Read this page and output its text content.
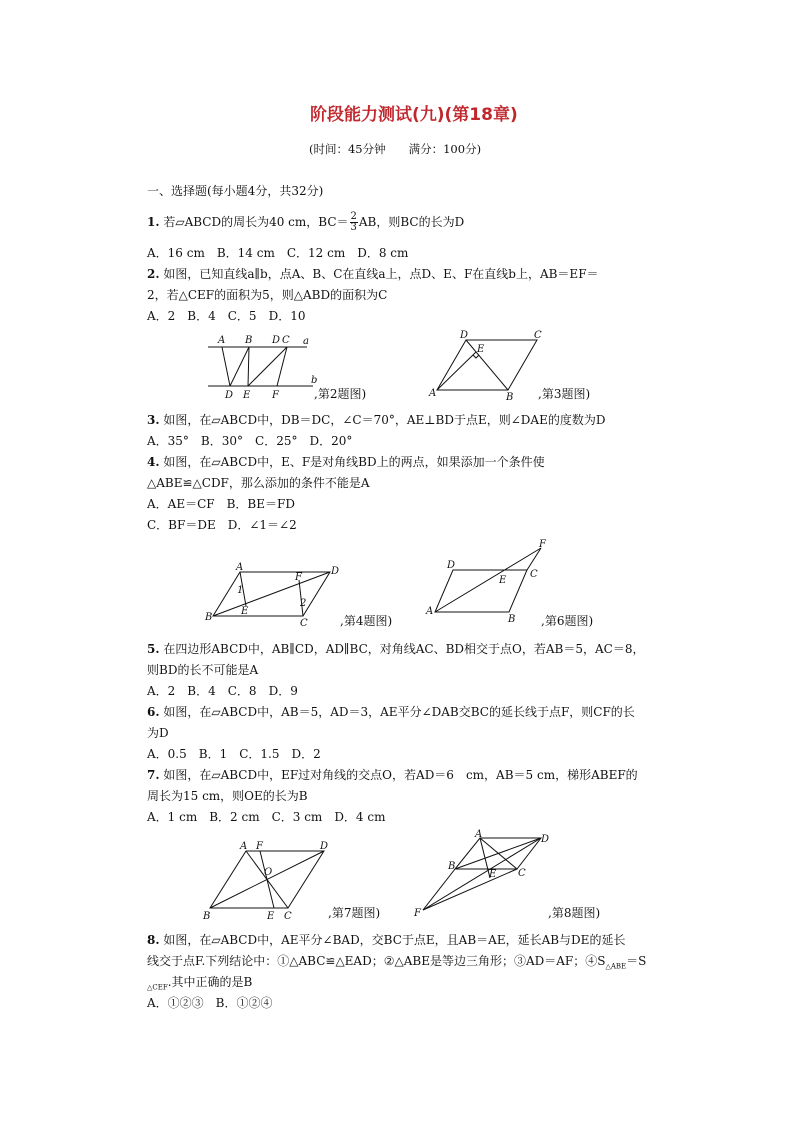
阶段能力测试(九)(第18章)
(时间：45分钟　　满分：100分)
一、选择题(每小题4分，共32分)
1. 若▱ABCD的周长为40 cm，$BC= \frac{2}{3}$ AB，则BC的长为D
A．16 cm　B．14 cm　C．12 cm　D．8 cm
2. 如图，已知直线a∥b，点A、B、C在直线a上，点D、E、F在直线b上，AB＝EF＝
2，若△CEF的面积为5，则△ABD的面积为C
A．2　B．4　C．5　D．10
A B D C a
b
D E F	,第2题图)
D	C
E
A	B ,第3题图)
3. 如图，在▱ABCD中，DB＝DC，∠C＝70°，AE⊥BD于点E，则∠DAE的度数为D
A．35°　B．30°　C．25°　D．20°
4. 如图，在▱ABCD中，E、F是对角线BD上的两点，如果添加一个条件使
△ABE≌△CDF，那么添加的条件不能是A
A．AE＝CF　B．BE＝FD
C．BF＝DE　D．∠1＝∠2
A	D
F
1
2
B
E
C	,第4题图)
F
D
C
E
A
B ,第6题图)
5. 在四边形ABCD中，AB∥CD，AD∥BC，对角线AC、BD相交于点O，若AB＝5，AC＝8，
则BD的长不可能是A
A．2　B．4　C．8　D．9
6. 如图，在▱ABCD中，AB＝5，AD＝3，AE平分∠DAB交BC的延长线于点F，则CF的长
为D
A．0.5　B．1　C．1.5　D．2
7. 如图，在▱ABCD中，EF过对角线的交点O，若AD＝6　cm，AB＝5 cm，梯形ABEF的
周长为15 cm，则OE的长为B
A．1 cm　B．2 cm　C．3 cm　D．4 cm
A F	D
O
B	E C	,第7题图)
A	D
B
E C
F	,第8题图)
8. 如图，在▱ABCD中，AE平分∠BAD，交BC于点E，且AB＝AE，延长AB与DE的延长
线交于点F.下列结论中：①△ABC≌△EAD；②△ABE是等边三角形；③AD＝AF；$④S_{\triangle ABE}=S$
$_{\triangle CEF}$.其中正确的是B
A．①②③　B．①②④
